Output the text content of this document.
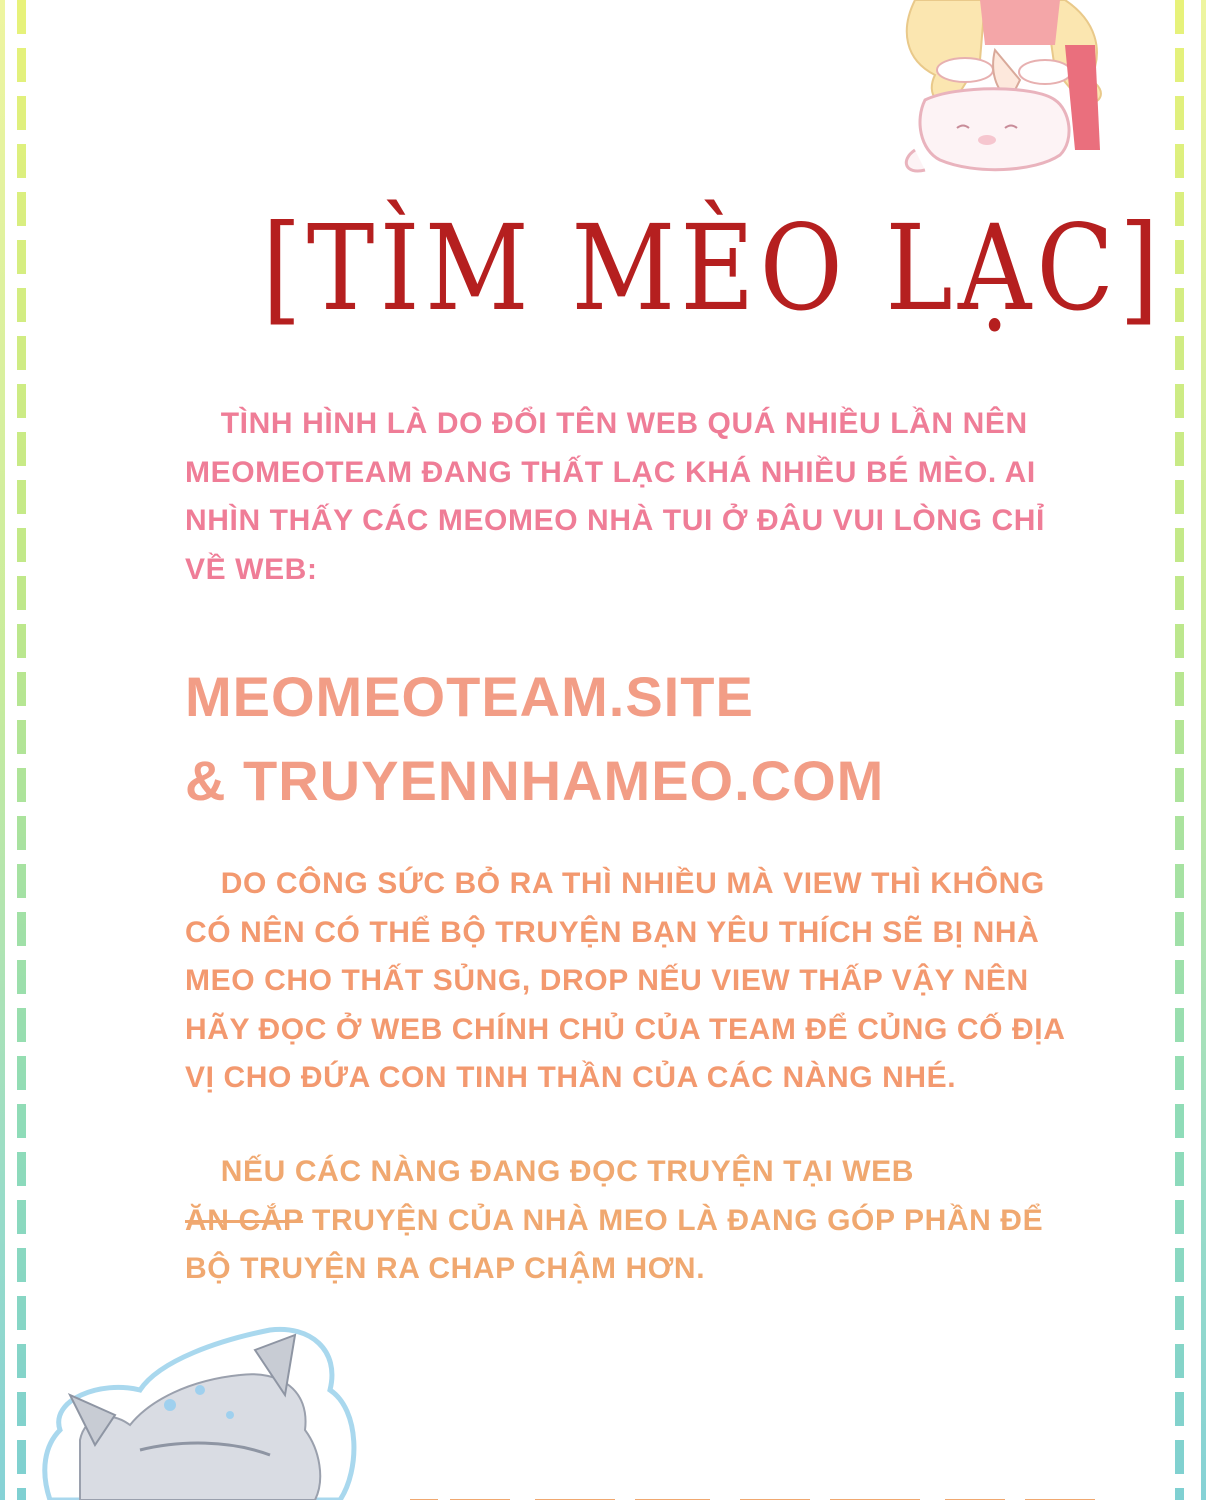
[TÌM MÈO LẠC]
TÌNH HÌNH LÀ DO ĐỔI TÊN WEB QUÁ NHIỀU LẦN NÊN MEOMEOTEAM ĐANG THẤT LẠC KHÁ NHIỀU BÉ MÈO. AI NHÌN THẤY CÁC MEOMEO NHÀ TUI Ở ĐÂU VUI LÒNG CHỈ VỀ WEB:
MEOMEOTEAM.SITE
& TRUYENNHAMEO.COM
DO CÔNG SỨC BỎ RA THÌ NHIỀU MÀ VIEW THÌ KHÔNG CÓ NÊN CÓ THỂ BỘ TRUYỆN BẠN YÊU THÍCH SẼ BỊ NHÀ MEO CHO THẤT SỦNG, DROP NẾU VIEW THẤP VẬY NÊN HÃY ĐỌC Ở WEB CHÍNH CHỦ CỦA TEAM ĐỂ CỦNG CỐ ĐỊA VỊ CHO ĐỨA CON TINH THẦN CỦA CÁC NÀNG NHÉ.
NẾU CÁC NÀNG ĐANG ĐỌC TRUYỆN TẠI WEB
ĂN CẮP TRUYỆN CỦA NHÀ MEO LÀ ĐANG GÓP PHẦN ĐỂ BỘ TRUYỆN RA CHAP CHẬM HƠN.
